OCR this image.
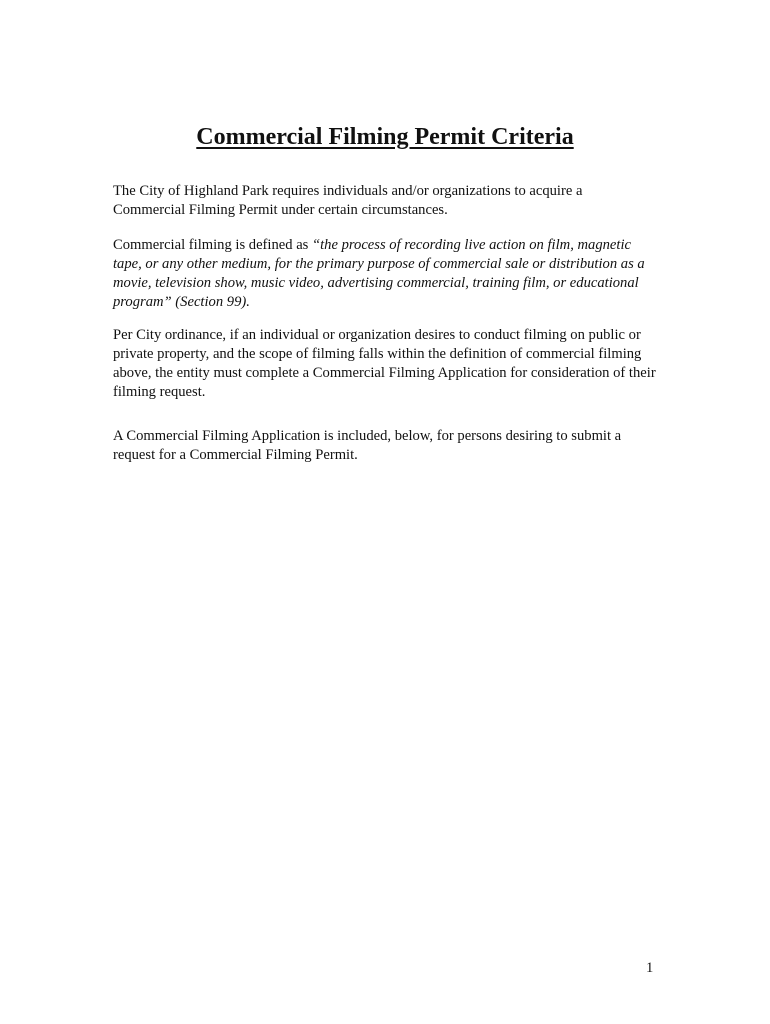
Commercial Filming Permit Criteria

The City of Highland Park requires individuals and/or organizations to acquire a Commercial Filming Permit under certain circumstances.

Commercial filming is defined as “the process of recording live action on film, magnetic tape, or any other medium, for the primary purpose of commercial sale or distribution as a movie, television show, music video, advertising commercial, training film, or educational program” (Section 99).

Per City ordinance, if an individual or organization desires to conduct filming on public or private property, and the scope of filming falls within the definition of commercial filming above, the entity must complete a Commercial Filming Application for consideration of their filming request.

A Commercial Filming Application is included, below, for persons desiring to submit a request for a Commercial Filming Permit.

1
